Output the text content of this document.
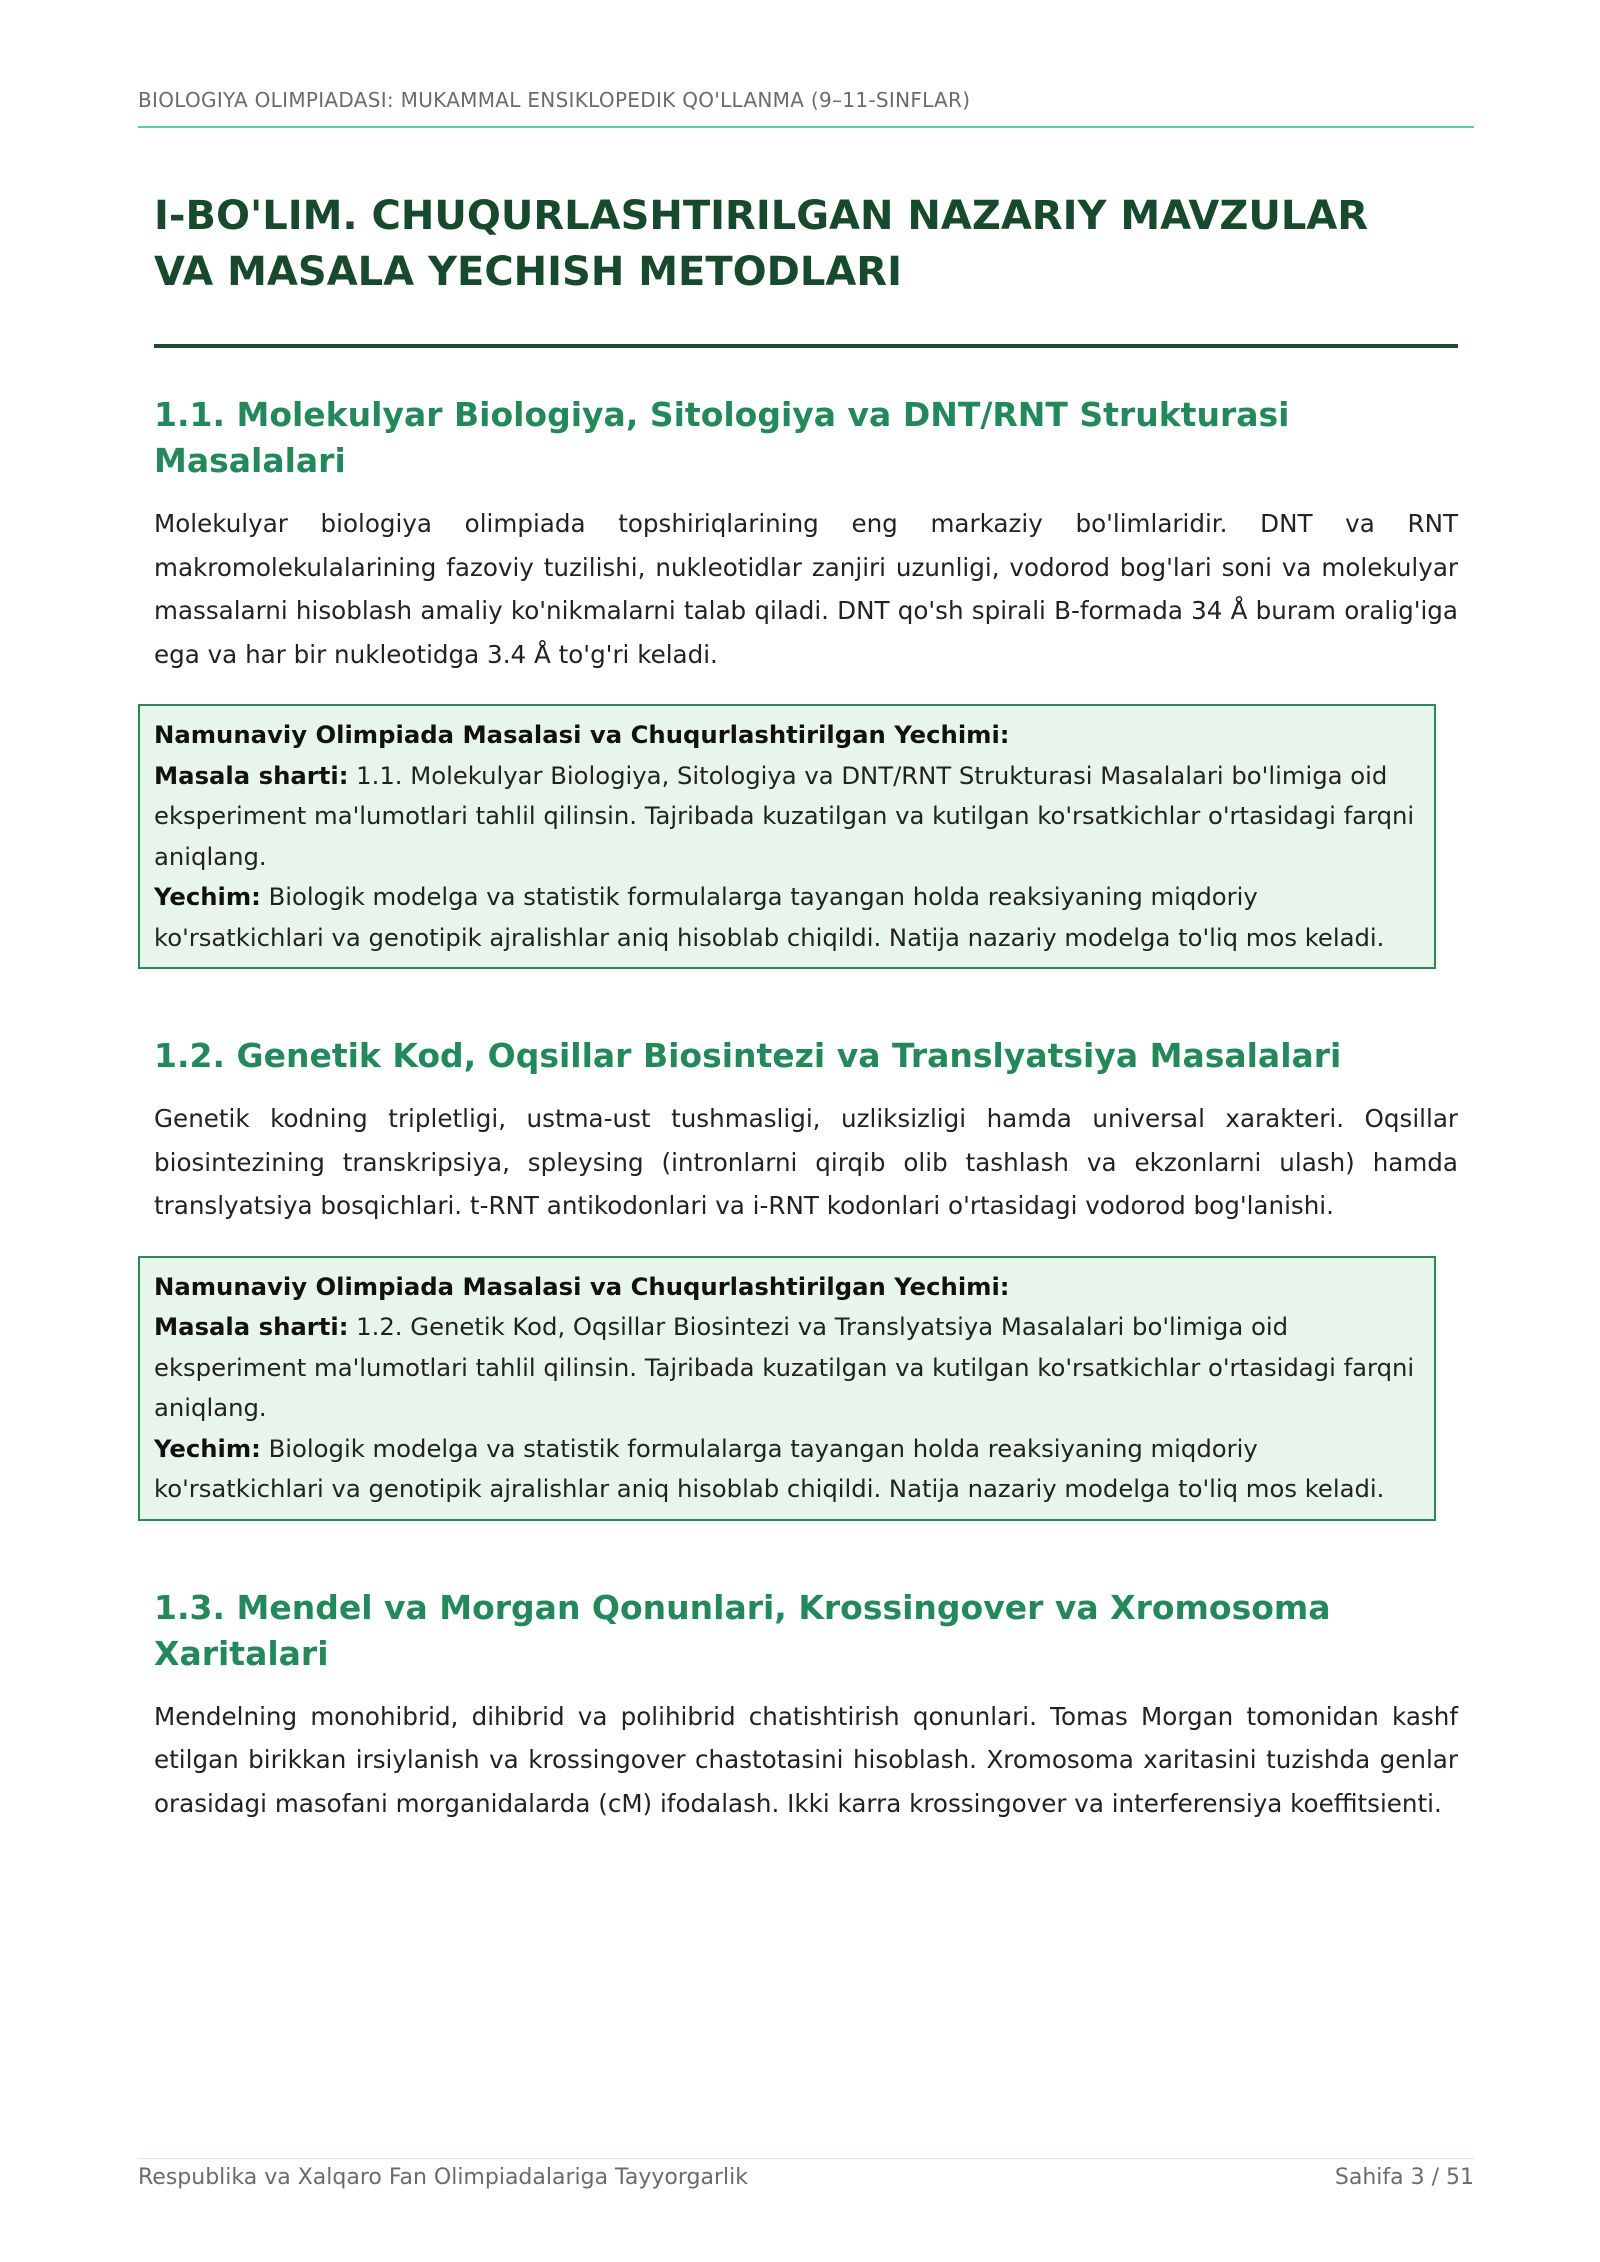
BIOLOGIYA OLIMPIADASI: MUKAMMAL ENSIKLOPEDIK QO'LLANMA (9–11-SINFLAR)
I-BO'LIM. CHUQURLASHTIRILGAN NAZARIY MAVZULAR
VA MASALA YECHISH METODLARI
1.1. Molekulyar Biologiya, Sitologiya va DNT/RNT Strukturasi
Masalalari

Molekulyar biologiya olimpiada topshiriqlarining eng markaziy bo'limlaridir. DNT va RNT makromolekulalarining fazoviy tuzilishi, nukleotidlar zanjiri uzunligi, vodorod bog'lari soni va molekulyar massalarni hisoblash amaliy ko'nikmalarni talab qiladi. DNT qo'sh spirali B-formada 34 Å buram oralig'iga ega va har bir nukleotidga 3.4 Å to'g'ri keladi.

Namunaviy Olimpiada Masalasi va Chuqurlashtirilgan Yechimi:
Masala sharti: 1.1. Molekulyar Biologiya, Sitologiya va DNT/RNT Strukturasi Masalalari bo'limiga oid eksperiment ma'lumotlari tahlil qilinsin. Tajribada kuzatilgan va kutilgan ko'rsatkichlar o'rtasidagi farqni aniqlang.
Yechim: Biologik modelga va statistik formulalarga tayangan holda reaksiyaning miqdoriy ko'rsatkichlari va genotipik ajralishlar aniq hisoblab chiqildi. Natija nazariy modelga to'liq mos keladi.
1.2. Genetik Kod, Oqsillar Biosintezi va Translyatsiya Masalalari

Genetik kodning tripletligi, ustma-ust tushmasligi, uzliksizligi hamda universal xarakteri. Oqsillar biosintezining transkripsiya, spleysing (intronlarni qirqib olib tashlash va ekzonlarni ulash) hamda translyatsiya bosqichlari. t-RNT antikodonlari va i-RNT kodonlari o'rtasidagi vodorod bog'lanishi.

Namunaviy Olimpiada Masalasi va Chuqurlashtirilgan Yechimi:
Masala sharti: 1.2. Genetik Kod, Oqsillar Biosintezi va Translyatsiya Masalalari bo'limiga oid eksperiment ma'lumotlari tahlil qilinsin. Tajribada kuzatilgan va kutilgan ko'rsatkichlar o'rtasidagi farqni aniqlang.
Yechim: Biologik modelga va statistik formulalarga tayangan holda reaksiyaning miqdoriy ko'rsatkichlari va genotipik ajralishlar aniq hisoblab chiqildi. Natija nazariy modelga to'liq mos keladi.
1.3. Mendel va Morgan Qonunlari, Krossingover va Xromosoma
Xaritalari

Mendelning monohibrid, dihibrid va polihibrid chatishtirish qonunlari. Tomas Morgan tomonidan kashf etilgan birikkan irsiylanish va krossingover chastotasini hisoblash. Xromosoma xaritasini tuzishda genlar orasidagi masofani morganidalarda (cM) ifodalash. Ikki karra krossingover va interferensiya koeffitsienti.

Respublika va Xalqaro Fan Olimpiadalariga Tayyorgarlik	Sahifa 3 / 51
